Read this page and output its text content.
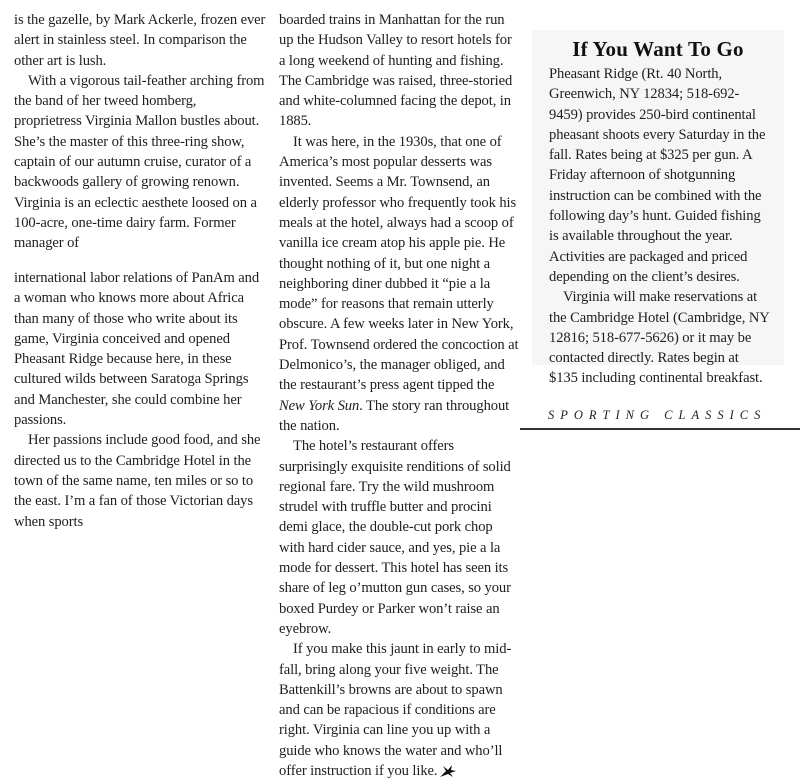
is the gazelle, by Mark Ackerle, frozen ever alert in stainless steel. In comparison the other art is lush.

With a vigorous tail-feather arching from the band of her tweed homberg, proprietress Virginia Mallon bustles about. She’s the master of this three-ring show, captain of our autumn cruise, curator of a backwoods gallery of growing renown. Virginia is an eclectic aesthete loosed on a 100-acre, one-time dairy farm. Former manager of

international labor relations of PanAm and a woman who knows more about Africa than many of those who write about its game, Virginia conceived and opened Pheasant Ridge because here, in these cultured wilds between Saratoga Springs and Manchester, she could combine her passions.

Her passions include good food, and she directed us to the Cambridge Hotel in the town of the same name, ten miles or so to the east. I’m a fan of those Victorian days when sports

boarded trains in Manhattan for the run up the Hudson Valley to resort hotels for a long weekend of hunting and fishing. The Cambridge was raised, three-storied and white-columned facing the depot, in 1885.

It was here, in the 1930s, that one of America’s most popular desserts was invented. Seems a Mr. Townsend, an elderly professor who frequently took his meals at the hotel, always had a scoop of vanilla ice cream atop his apple pie. He thought nothing of it, but one night a neighboring diner dubbed it “pie a la mode” for reasons that remain utterly obscure. A few weeks later in New York, Prof. Townsend ordered the concoction at Delmonico’s, the manager obliged, and the restaurant’s press agent tipped the New York Sun. The story ran throughout the nation.

The hotel’s restaurant offers surprisingly exquisite renditions of solid regional fare. Try the wild mushroom strudel with truffle butter and procini demi glace, the double-cut pork chop with hard cider sauce, and yes, pie a la mode for dessert. This hotel has seen its share of leg o’mutton gun cases, so your boxed Purdey or Parker won’t raise an eyebrow.

If you make this jaunt in early to mid-fall, bring along your five weight. The Battenkill’s browns are about to spawn and can be rapacious if conditions are right. Virginia can line you up with a guide who knows the water and who’ll offer instruction if you like.

If You Want To Go

Pheasant Ridge (Rt. 40 North, Greenwich, NY 12834; 518-692-9459) provides 250-bird continental pheasant shoots every Saturday in the fall. Rates being at $325 per gun. A Friday afternoon of shotgunning instruction can be combined with the following day’s hunt. Guided fishing is available throughout the year. Activities are packaged and priced depending on the client’s desires.

Virginia will make reservations at the Cambridge Hotel (Cambridge, NY 12816; 518-677-5626) or it may be contacted directly. Rates begin at $135 including continental breakfast.

SPORTING CLASSICS
